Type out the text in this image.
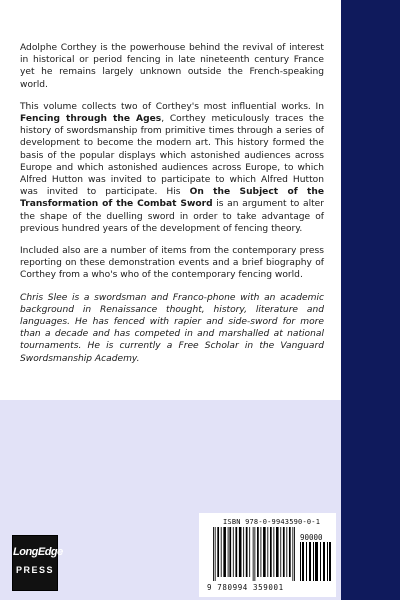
Adolphe Corthey is the powerhouse behind the revival of interest in historical or period fencing in late nineteenth century France yet he remains largely unknown outside the French-speaking world.

This volume collects two of Corthey's most influential works. In Fencing through the Ages, Corthey meticulously traces the history of swordsmanship from primitive times through a series of development to become the modern art. This history formed the basis of the popular displays which astonished audiences across Europe and which astonished audiences across Europe, to which Alfred Hutton was invited to participate to which Alfred Hutton was invited to participate. His On the Subject of the Transformation of the Combat Sword is an argument to alter the shape of the duelling sword in order to take advantage of previous hundred years of the development of fencing theory.

Included also are a number of items from the contemporary press reporting on these demonstration events and a brief biography of Corthey from a who's who of the contemporary fencing world.

Chris Slee is a swordsman and Franco-phone with an academic background in Renaissance thought, history, literature and languages. He has fenced with rapier and side-sword for more than a decade and has competed in and marshalled at national tournaments. He is currently a Free Scholar in the Vanguard Swordsmanship Academy.

LongEdge
PRESS
ISBN 978-0-9943590-0-1
90000
9 780994 359001
